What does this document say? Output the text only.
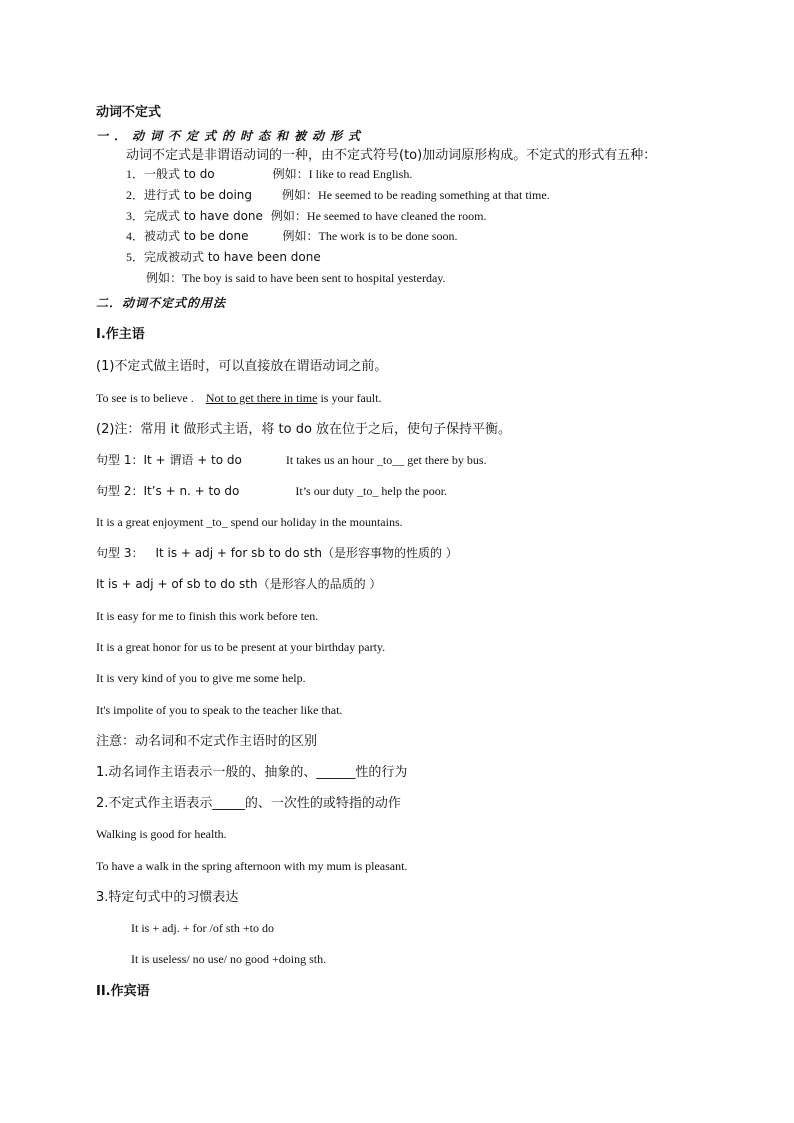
动词不定式
一．动词不定式的时态和被动形式
动词不定式是非谓语动词的一种，由不定式符号(to)加动词原形构成。不定式的形式有五种：
1．一般式 to do	例如：I like to read English.
2．进行式 to be doing	例如：He seemed to be reading something at that time.
3．完成式 to have done 例如：He seemed to have cleaned the room.
4．被动式 to be done	例如：The work is to be done soon.
5．完成被动式 to have been done
例如：The boy is said to have been sent to hospital yesterday.
二．动词不定式的用法
I.作主语
(1)不定式做主语时，可以直接放在谓语动词之前。
To see is to believe . Not to get there in time is your fault.
(2)注：常用 it 做形式主语，将 to do 放在位于之后，使句子保持平衡。
句型 1：It + 谓语 + to do	It takes us an hour _to__ get there by bus.
句型 2：It’s + n. + to do	It’s our duty _to_ help the poor.
It is a great enjoyment _to_ spend our holiday in the mountains.
句型 3： It is + adj + for sb to do sth（是形容事物的性质的 ）
It is + adj + of sb to do sth（是形容人的品质的 ）
It is easy for me to finish this work before ten.
It is a great honor for us to be present at your birthday party.
It is very kind of you to give me some help.
It's impolite of you to speak to the teacher like that.
注意：动名词和不定式作主语时的区别
1.动名词作主语表示一般的、抽象的、______性的行为
2.不定式作主语表示_____的、一次性的或特指的动作
Walking is good for health.
To have a walk in the spring afternoon with my mum is pleasant.
3.特定句式中的习惯表达
It is + adj. + for /of sth +to do
It is useless/ no use/ no good +doing sth.
II.作宾语
